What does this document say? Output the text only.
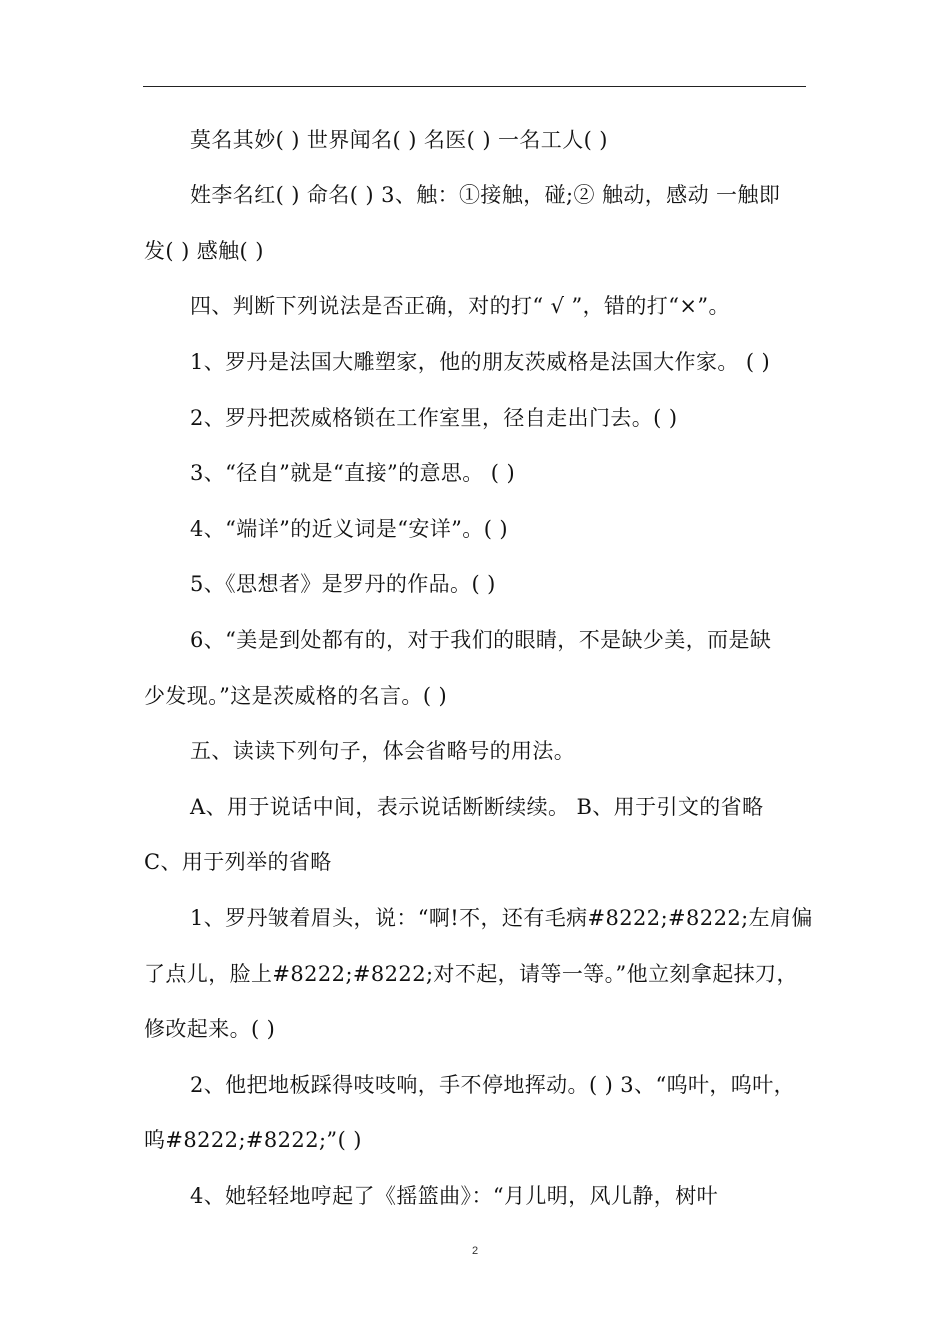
莫名其妙( ) 世界闻名( ) 名医( ) 一名工人( )
姓李名红( ) 命名( ) 3、触：①接触，碰;② 触动，感动 一触即
发( ) 感触( )
四、判断下列说法是否正确，对的打“ √ ”，错的打“×”。
1、罗丹是法国大雕塑家，他的朋友茨威格是法国大作家。 ( )
2、罗丹把茨威格锁在工作室里，径自走出门去。( )
3、“径自”就是“直接”的意思。 ( )
4、“端详”的近义词是“安详”。( )
5、《思想者》是罗丹的作品。( )
6、“美是到处都有的，对于我们的眼睛，不是缺少美，而是缺
少发现。”这是茨威格的名言。( )
五、读读下列句子，体会省略号的用法。
A、用于说话中间，表示说话断断续续。 B、用于引文的省略
C、用于列举的省略
1、罗丹皱着眉头，说：“啊!不，还有毛病#8222;#8222;左肩偏
了点儿，脸上#8222;#8222;对不起，请等一等。”他立刻拿起抹刀，
修改起来。( )
2、他把地板踩得吱吱响，手不停地挥动。( ) 3、“呜叶，呜叶，
呜#8222;#8222;”( )
4、她轻轻地哼起了《摇篮曲》：“月儿明，风儿静，树叶
2
